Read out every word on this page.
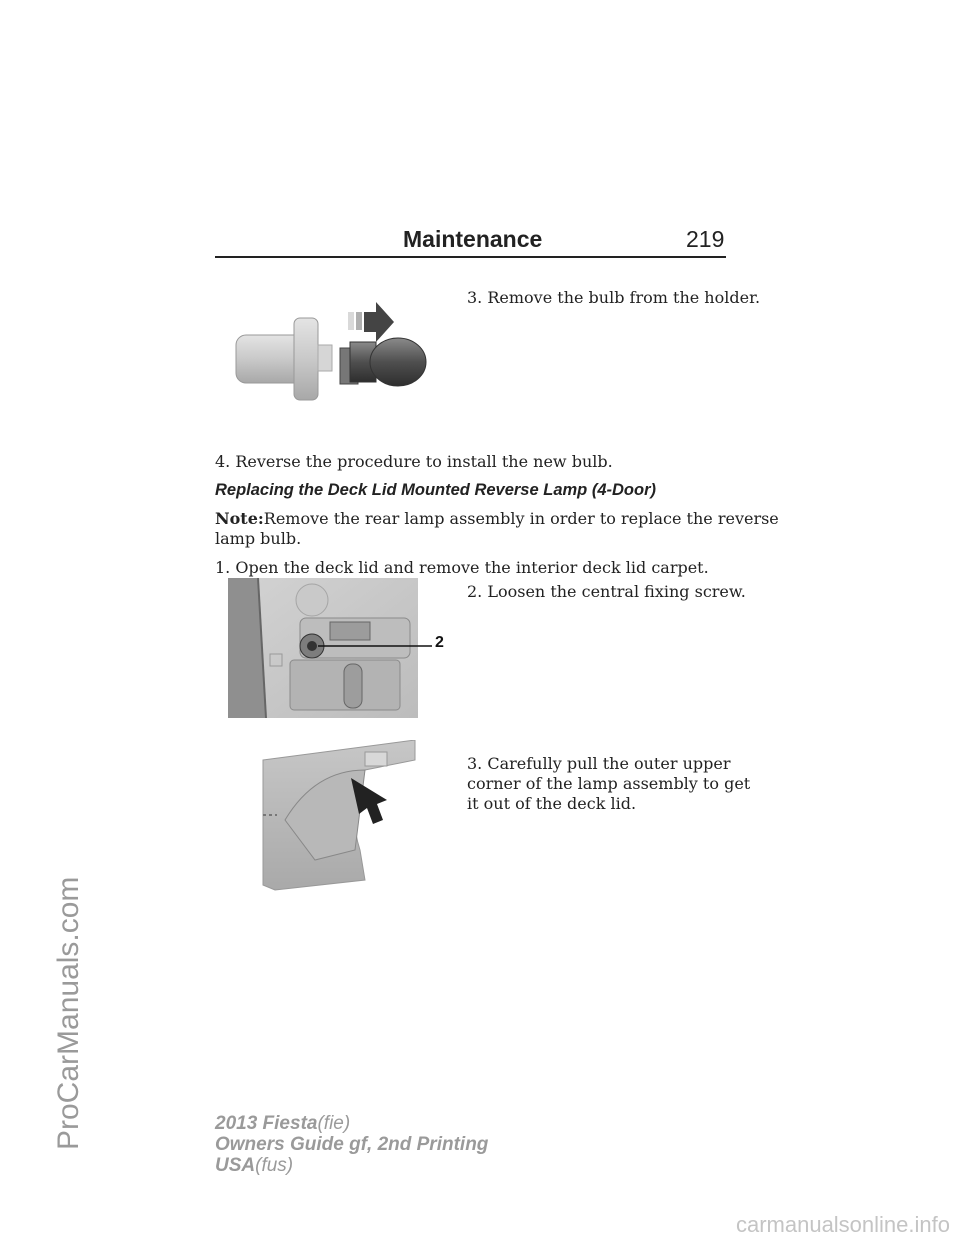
ProCarManuals.com
carmanualsonline.info
Maintenance	219
3. Remove the bulb from the holder.
4. Reverse the procedure to install the new bulb.
Replacing the Deck Lid Mounted Reverse Lamp (4-Door)
Note:Remove the rear lamp assembly in order to replace the reverse
lamp bulb.
1. Open the deck lid and remove the interior deck lid carpet.
2
2. Loosen the central fixing screw.
3. Carefully pull the outer upper
corner of the lamp assembly to get
it out of the deck lid.
2013 Fiesta(fie)
Owners Guide gf, 2nd Printing
USA(fus)
